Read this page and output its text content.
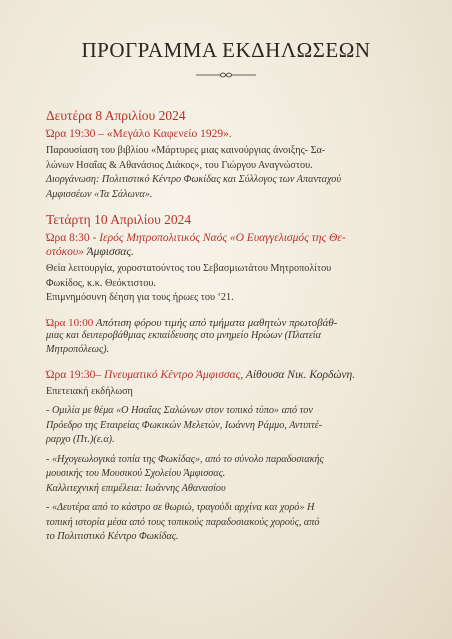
ΠΡΟΓΡΑΜΜΑ ΕΚΔΗΛΩΣΕΩΝ
Δευτέρα 8 Απριλίου 2024
Ώρα 19:30 – «Μεγάλο Καφενείο 1929».
Παρουσίαση του βιβλίου «Μάρτυρες μιας καινούργιας άνοιξης- Σα-
λώνων Ησαΐας & Αθανάσιος Διάκος», του Γιώργου Αναγνώστου.
Διοργάνωση: Πολιτιστικό Κέντρο Φωκίδας και Σύλλογος των Απανταχού
Αμφισσέων «Τα Σάλωνα».
Τετάρτη 10 Απριλίου 2024
Ώρα 8:30 - Ιερός Μητροπολιτικός Ναός «Ο Ευαγγελισμός της Θε-
οτόκου» Άμφισσας.
Θεία λειτουργία, χοροστατούντος του Σεβασμιωτάτου Μητροπολίτου
Φωκίδος, κ.κ. Θεόκτιστου.
Επιμνημόσυνη δέηση για τους ήρωες του ‘21.
Ώρα 10:00 Απότιση φόρου τιμής από τμήματα μαθητών πρωτοβάθ-
μιας και δευτεροβάθμιας εκπαίδευσης στο μνημείο Ηρώων (Πλατεία
Μητροπόλεως).
Ώρα 19:30– Πνευματικό Κέντρο Άμφισσας, Αίθουσα Νικ. Κορδώνη.
Επετειακή εκδήλωση
- Ομιλία με θέμα «Ο Ησαΐας Σαλώνων στον τοπικό τύπο» από τον
Πρόεδρο της Εταιρείας Φωκικών Μελετών, Ιωάννη Ράμμο, Αντιπτέ-
ραρχο (Πτ.)(ε.α).
- «Ηχογεωλογικά τοπία της Φωκίδας», από το σύνολο παραδοσιακής
μουσικής του Μουσικού Σχολείου Άμφισσας.
Καλλιτεχνική επιμέλεια: Ιωάννης Αθανασίου
- «Δευτέρα από το κάστρο σε θωριώ, τραγούδι αρχίνα και χορό» Η
τοπική ιστορία μέσα από τους τοπικούς παραδοσιακούς χορούς, από
το Πολιτιστικό Κέντρο Φωκίδας.
